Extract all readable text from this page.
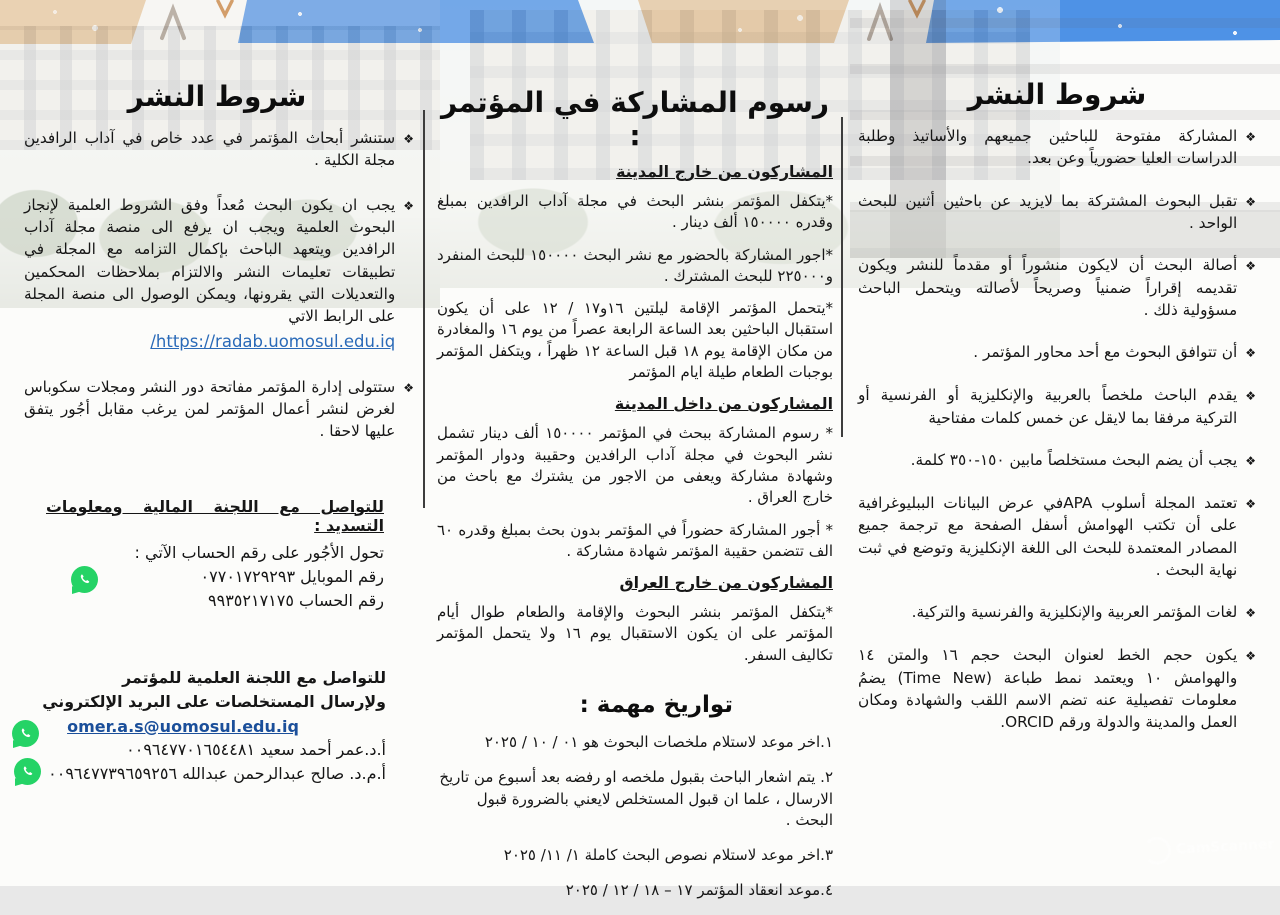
شروط النشر
❖
المشاركة مفتوحة للباحثين جميعهم والأساتيذ وطلبة الدراسات العليا حضورياً وعن بعد.
❖
تقبل البحوث المشتركة بما لايزيد عن باحثين أثنين للبحث الواحد .
❖
أصالة البحث أن لايكون منشوراً أو مقدماً للنشر ويكون تقديمه إقراراً ضمنياً وصريحاً لأصالته ويتحمل الباحث مسؤولية ذلك .
❖
أن تتوافق البحوث مع أحد محاور المؤتمر .
❖
يقدم الباحث ملخصاً بالعربية والإنكليزية أو الفرنسية أو التركية مرفقا بما لايقل عن خمس كلمات مفتاحية
❖
يجب أن يضم البحث مستخلصاً مابين ١٥٠-٣٥٠ كلمة.
❖
تعتمد المجلة أسلوب APAفي عرض البيانات الببليوغرافية على أن تكتب الهوامش أسفل الصفحة مع ترجمة جميع المصادر المعتمدة للبحث الى اللغة الإنكليزية وتوضع في ثبت نهاية البحث .
❖
لغات المؤتمر العربية والإنكليزية والفرنسية والتركية.
❖
يكون حجم الخط لعنوان البحث حجم ١٦ والمتن ١٤ والهوامش ١٠ ويعتمد نمط طباعة (Time New) يضمُ معلومات تفصيلية عنه تضم الاسم اللقب والشهادة ومكان العمل والمدينة والدولة ورقم ORCID.
رسوم المشاركة في المؤتمر :
المشاركون من خارج المدينة

*يتكفل المؤتمر بنشر البحث في مجلة آداب الرافدين بمبلغ وقدره ١٥٠٠٠٠ ألف دينار .

*اجور المشاركة بالحضور مع نشر البحث ١٥٠٠٠٠ للبحث المنفرد و٢٢٥٠٠٠ للبحث المشترك .

*يتحمل المؤتمر الإقامة ليلتين ١٦و١٧ / ١٢ على أن يكون استقبال الباحثين بعد الساعة الرابعة عصراً من يوم ١٦ والمغادرة من مكان الإقامة يوم ١٨ قبل الساعة ١٢ ظهراً ، ويتكفل المؤتمر بوجبات الطعام طيلة ايام المؤتمر

المشاركون من داخل المدينة

* رسوم المشاركة ببحث في المؤتمر ١٥٠٠٠٠ ألف دينار تشمل نشر البحوث في مجلة آداب الرافدين وحقيبة ودوار المؤتمر وشهادة مشاركة ويعفى من الاجور من يشترك مع باحث من خارج العراق .

* أجور المشاركة حضوراً في المؤتمر بدون بحث بمبلغ وقدره ٦٠ الف تتضمن حقيبة المؤتمر شهادة مشاركة .

المشاركون من خارج العراق

*يتكفل المؤتمر بنشر البحوث والإقامة والطعام طوال أيام المؤتمر على ان يكون الاستقبال يوم ١٦ ولا يتحمل المؤتمر تكاليف السفر.

تواريخ مهمة :
١.اخر موعد لاستلام ملخصات البحوث هو ٠١ / ١٠ / ٢٠٢٥
٢. يتم اشعار الباحث بقبول ملخصه او رفضه بعد أسبوع من تاريخ الارسال ، علما ان قبول المستخلص لايعني بالضرورة قبول البحث .
٣.اخر موعد لاستلام نصوص البحث كاملة ١/ ١١/ ٢٠٢٥
٤.موعد انعقاد المؤتمر ١٧ – ١٨ / ١٢ / ٢٠٢٥
شروط النشر
❖
ستنشر أبحاث المؤتمر في عدد خاص في آداب الرافدين مجلة الكلية .
❖
يجب ان يكون البحث مُعداً وفق الشروط العلمية لإنجاز البحوث العلمية ويجب ان يرفع الى منصة مجلة آداب الرافدين ويتعهد الباحث بإكمال التزامه مع المجلة في تطبيقات تعليمات النشر والالتزام بملاحظات المحكمين والتعديلات التي يقرونها، ويمكن الوصول الى منصة المجلة على الرابط الاتي
/https://radab.uomosul.edu.iq
❖
ستتولى إدارة المؤتمر مفاتحة دور النشر ومجلات سكوباس لغرض لنشر أعمال المؤتمر لمن يرغب مقابل أجُور يتفق عليها لاحقا .
للتواصل مع اللجنة المالية ومعلومات التسديد :
تحول الأجُور على رقم الحساب الآتي :
رقم الموبايل ٠٧٧٠١٧٢٩٢٩٣
رقم الحساب ٩٩٣٥٢١٧١٧٥
للتواصل مع اللجنة العلمية للمؤتمر
ولإرسال المستخلصات على البريد الإلكتروني
omer.a.s@uomosul.edu.iq
أ.د.عمر أحمد سعيد ٠٠٩٦٤٧٧٠١٦٥٤٤٨١
أ.م.د. صالح عبدالرحمن عبدالله ٠٠٩٦٤٧٧٣٩٦٥٩٢٥٦
CamScanner
